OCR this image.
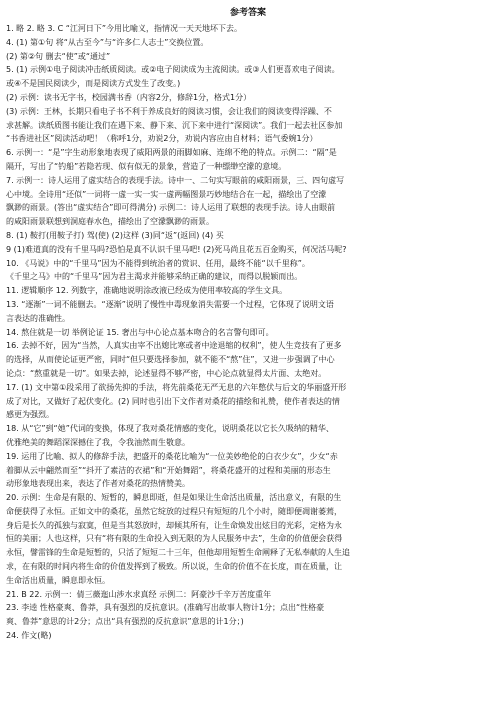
参考答案
1. 略 2. 略 3. C “江河日下”今用比喻义，指情况一天天地坏下去。
4. (1) 第①句 将“从古至今”与“许多仁人志士”交换位置。
(2) 第②句 删去“使”或“通过”
5. (1) 示例①电子阅读冲击纸质阅读。或②电子阅读成为主流阅读。或③人们更喜欢电子阅读。
或④不是国民阅读少，而是阅读方式发生了改变。)
(2) 示例：读书无字书，校园满书香（内容2分，修辞1分，格式1分）
(3) 示例：王林，长期只看电子书不利于养成良好的阅读习惯，会让我们的阅读变得浮躁、不
求甚解。读纸质图书能让我们在遇下来、静下来、沉下来中进行“深阅读”。我们一起去社区参加
“书香进社区”阅读活动吧！（称呼1分，劝说2分，劝说内容应由自材料；语气委婉1分）
6. 示例一：“是”字生动形象地表现了威阳两景的雨脚如麻、连绵不绝的特点。示例二：“隔”是
隔开，写出了“钓船”若隐若现、似有似无的景象，营造了一种缥缈空濛的意境。
7. 示例一：诗人运用了虚实结合的表现手法。诗中一、二句实写眼前的咸阳雨景，三、四句虚写
心中境。全诗用“还似”一词将一虚一实一实一虚两幅图景巧妙地结合在一起，描绘出了空濛
飘渺的雨景。(答出“虚实结合”即可得满分) 示例二：诗人运用了联想的表现手法。诗人由眼前
的咸阳雨景联想到洞庭春水色，描绘出了空濛飘渺的雨景。
8. (1) 鞍打(用鞍子打) 驾(使) (2)这样 (3)同“返”(返回) (4) 买
9 (1)难道真的没有千里马吗?恐怕是真不认识千里马吧! (2)死马尚且花五百金购买，何况活马呢?
10. 《马说》中的“千里马”因为不能得到统治者的赏识、任用，最终不能“以千里称”。
《千里之马》中的“千里马”因为君主渴求并能够采纳正确的建议，而得以脱颖而出。
11. 逻辑顺序 12. 列数字，准确地说明涂改液已经成为使用率较高的学生文具。
13. “逐渐”一词不能删去。“逐渐”说明了慢性中毒现象消失需要一个过程，它体现了说明文语
言表达的准确性。
14. 熬住就是一切 举例论证 15. 奢出与中心论点基本吻合的名言警句即可。
16. 去掉不好，因为“当然，人真实由宰不出媳比寒或者中途退缩的权利”，使人生竞技有了更多
的选择，从而使论证更严密，同时“但只要选择参加，就不能不“熬”住”，又进一步强调了中心
论点：“熬重就是一切”。如果去掉，论述显得不够严密，中心论点就显得太片面、太绝对。
17. (1) 文中第①段采用了欲扬先抑的手法，将先前桑花无严无息的六年憋伏与后文的华丽盛开形
成了对比，又做好了起伏变化。(2) 同时也引出下文作者对桑花的描绘和礼赞，使作者表达的情
感更为强烈。
18. 从“它”到“她”代词的变换，体现了我对桑花情感的变化，说明桑花以它长久吸纳的精华、
优雅绝美的舞蹈深深撼住了我，令我油然而生敬意。
19. 运用了比喻、拟人的修辞手法，把盛开的桑花比喻为“一位美妙绝伦的白衣少女”，少女“赤
着脚从云中翩然而至”“抖开了素洁的衣裙”和“开始舞蹈”，将桑花盛开的过程和美丽的形态生
动形象地表现出来，表达了作者对桑花的热情赞美。
20. 示例：生命是有限的、短暂的，瞬息即逝，但是如果让生命活出质量，活出意义，有限的生
命便获得了永恒。正如文中的桑花，虽然它绽放的过程只有短短的几个小时，随即便凋谢萎蔫，
身后是长久的孤独与寂寞，但是当其怒放时，却倾其所有，让生命焕发出炫目的光彩，定格为永
恒的美丽；人也这样，只有“将有限的生命投入到无限的为人民服务中去”，生命的价值便会获得
永恒，譬雷锋的生命是短暂的，只活了短短二十三年，但他却用短暂生命阐释了无私奉献的人生追
求，在有限的时间内将生命的价值发挥到了极致。所以说，生命的价值不在长度，而在质量，让
生命活出质量，瞬息即永恒。
21. B 22. 示例一：倩三薇迤山涉水求真经 示例二：阿豪沙千辛万苦度重年
23. 李逵 性格豪爽、鲁莽，具有强烈的反抗意识。(准确写出故事人物计1分；点出“性格豪
爽、鲁莽”意思的计2分；点出“具有强烈的反抗意识”意思的计1分；)
24. 作文(略)
